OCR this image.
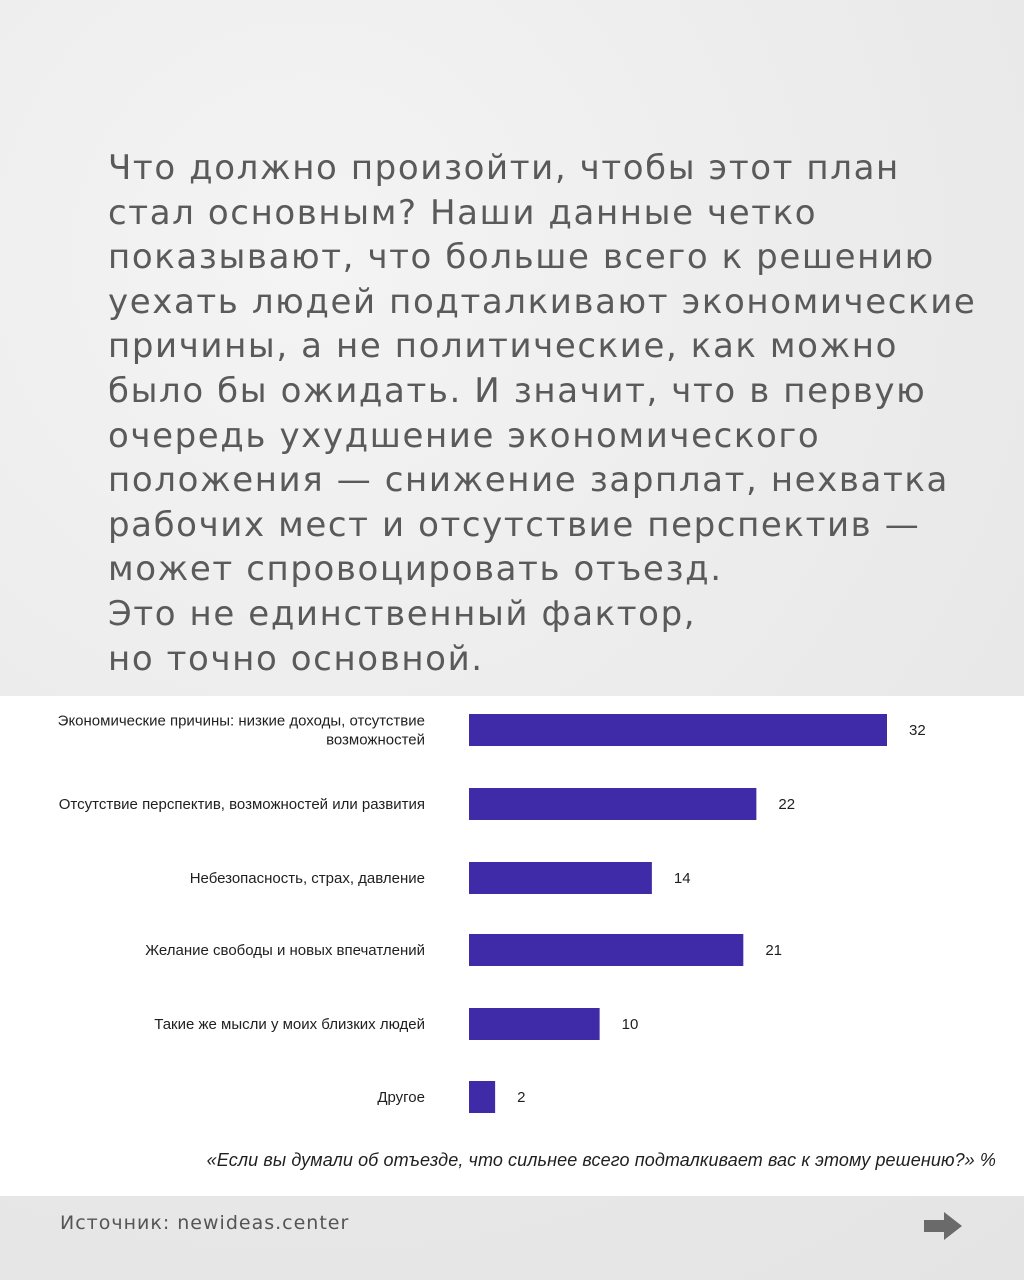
Что должно произойти, чтобы этот план
стал основным? Наши данные четко
показывают, что больше всего к решению
уехать людей подталкивают экономические
причины, а не политические, как можно
было бы ожидать. И значит, что в первую
очередь ухудшение экономического
положения — снижение зарплат, нехватка
рабочих мест и отсутствие перспектив —
может спровоцировать отъезд.
Это не единственный фактор,
но точно основной.

32
Экономические причины: низкие доходы, отсутствие возможностей
22
Отсутствие перспектив, возможностей или развития
14
Небезопасность, страх, давление
21
Желание свободы и новых впечатлений
10
Такие же мысли у моих близких людей
2
Другое

«Если вы думали об отъезде, что сильнее всего подталкивает вас к этому решению?» %

Источник: newideas.center
